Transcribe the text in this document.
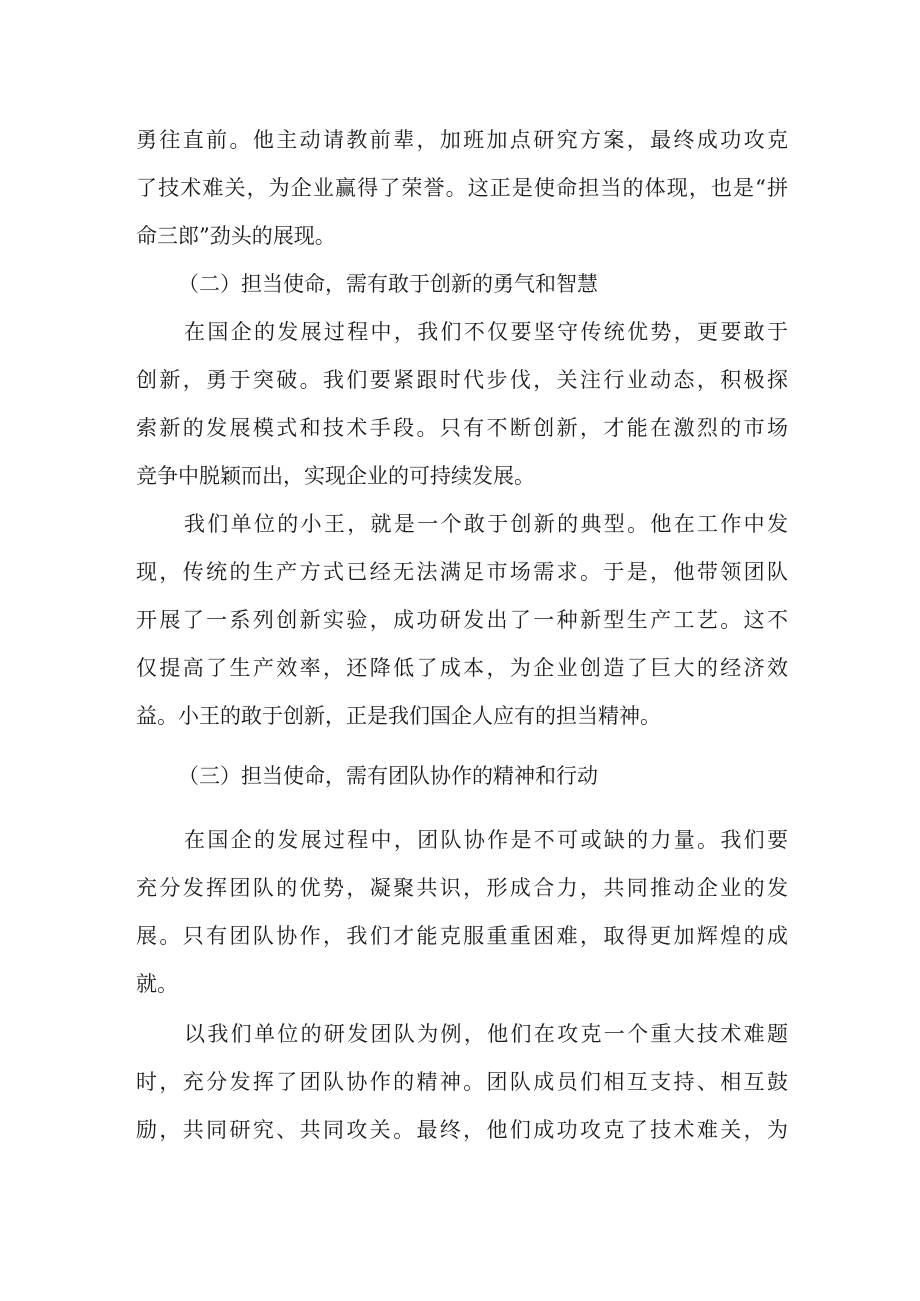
勇往直前。他主动请教前辈，加班加点研究方案，最终成功攻克
了技术难关，为企业赢得了荣誉。这正是使命担当的体现，也是“拼
命三郎”劲头的展现。
（二）担当使命，需有敢于创新的勇气和智慧
在国企的发展过程中，我们不仅要坚守传统优势，更要敢于
创新，勇于突破。我们要紧跟时代步伐，关注行业动态，积极探
索新的发展模式和技术手段。只有不断创新，才能在激烈的市场
竞争中脱颖而出，实现企业的可持续发展。
我们单位的小王，就是一个敢于创新的典型。他在工作中发
现，传统的生产方式已经无法满足市场需求。于是，他带领团队
开展了一系列创新实验，成功研发出了一种新型生产工艺。这不
仅提高了生产效率，还降低了成本，为企业创造了巨大的经济效
益。小王的敢于创新，正是我们国企人应有的担当精神。
（三）担当使命，需有团队协作的精神和行动
在国企的发展过程中，团队协作是不可或缺的力量。我们要
充分发挥团队的优势，凝聚共识，形成合力，共同推动企业的发
展。只有团队协作，我们才能克服重重困难，取得更加辉煌的成
就。
以我们单位的研发团队为例，他们在攻克一个重大技术难题
时，充分发挥了团队协作的精神。团队成员们相互支持、相互鼓
励，共同研究、共同攻关。最终，他们成功攻克了技术难关，为
